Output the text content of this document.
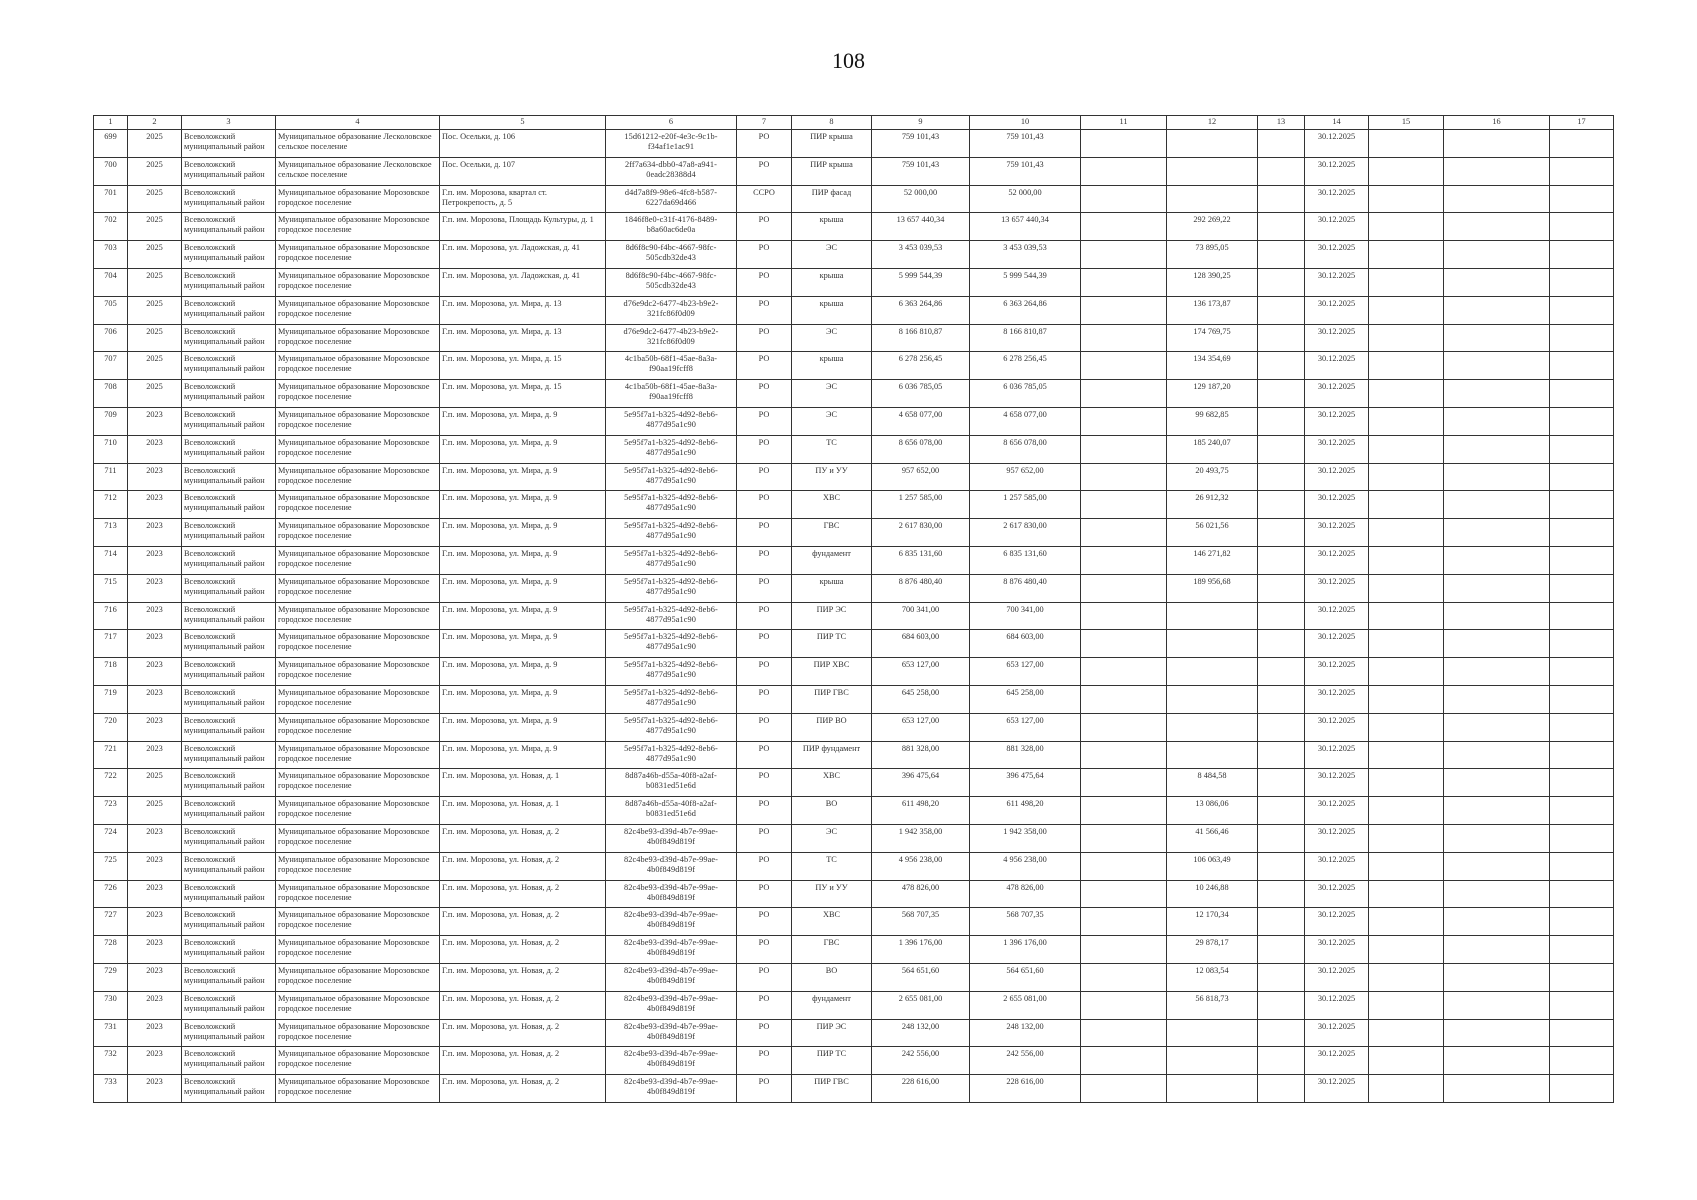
108
1	2	3	4	5	6	7	8	9	10	11	12	13	14	15	16	17
699	2025	Всеволожский муниципальный район	Муниципальное образование Лесколовское сельское поселение	Пос. Осельки, д. 106	15d61212-e20f-4e3c-9c1b-f34af1e1ac91	РО	ПИР крыша	759 101,43	759 101,43				30.12.2025			
700	2025	Всеволожский муниципальный район	Муниципальное образование Лесколовское сельское поселение	Пос. Осельки, д. 107	2ff7a634-dbb0-47a8-a941-0eadc28388d4	РО	ПИР крыша	759 101,43	759 101,43				30.12.2025			
701	2025	Всеволожский муниципальный район	Муниципальное образование Морозовское городское поселение	Г.п. им. Морозова, квартал ст. Петрокрепость, д. 5	d4d7a8f9-98e6-4fc8-b587-6227da69d466	ССРО	ПИР фасад	52 000,00	52 000,00				30.12.2025			
702	2025	Всеволожский муниципальный район	Муниципальное образование Морозовское городское поселение	Г.п. им. Морозова, Площадь Культуры, д. 1	1846f8e0-c31f-4176-8489-b8a60ac6de0a	РО	крыша	13 657 440,34	13 657 440,34		292 269,22		30.12.2025			
703	2025	Всеволожский муниципальный район	Муниципальное образование Морозовское городское поселение	Г.п. им. Морозова, ул. Ладожская, д. 41	8d6f8c90-f4bc-4667-98fc-505cdb32de43	РО	ЭС	3 453 039,53	3 453 039,53		73 895,05		30.12.2025			
704	2025	Всеволожский муниципальный район	Муниципальное образование Морозовское городское поселение	Г.п. им. Морозова, ул. Ладожская, д. 41	8d6f8c90-f4bc-4667-98fc-505cdb32de43	РО	крыша	5 999 544,39	5 999 544,39		128 390,25		30.12.2025			
705	2025	Всеволожский муниципальный район	Муниципальное образование Морозовское городское поселение	Г.п. им. Морозова, ул. Мира, д. 13	d76e9dc2-6477-4b23-b9e2-321fc86f0d09	РО	крыша	6 363 264,86	6 363 264,86		136 173,87		30.12.2025			
706	2025	Всеволожский муниципальный район	Муниципальное образование Морозовское городское поселение	Г.п. им. Морозова, ул. Мира, д. 13	d76e9dc2-6477-4b23-b9e2-321fc86f0d09	РО	ЭС	8 166 810,87	8 166 810,87		174 769,75		30.12.2025			
707	2025	Всеволожский муниципальный район	Муниципальное образование Морозовское городское поселение	Г.п. им. Морозова, ул. Мира, д. 15	4c1ba50b-68f1-45ae-8a3a-f90aa19fcff8	РО	крыша	6 278 256,45	6 278 256,45		134 354,69		30.12.2025			
708	2025	Всеволожский муниципальный район	Муниципальное образование Морозовское городское поселение	Г.п. им. Морозова, ул. Мира, д. 15	4c1ba50b-68f1-45ae-8a3a-f90aa19fcff8	РО	ЭС	6 036 785,05	6 036 785,05		129 187,20		30.12.2025			
709	2023	Всеволожский муниципальный район	Муниципальное образование Морозовское городское поселение	Г.п. им. Морозова, ул. Мира, д. 9	5e95f7a1-b325-4d92-8eb6-4877d95a1c90	РО	ЭС	4 658 077,00	4 658 077,00		99 682,85		30.12.2025			
710	2023	Всеволожский муниципальный район	Муниципальное образование Морозовское городское поселение	Г.п. им. Морозова, ул. Мира, д. 9	5e95f7a1-b325-4d92-8eb6-4877d95a1c90	РО	ТС	8 656 078,00	8 656 078,00		185 240,07		30.12.2025			
711	2023	Всеволожский муниципальный район	Муниципальное образование Морозовское городское поселение	Г.п. им. Морозова, ул. Мира, д. 9	5e95f7a1-b325-4d92-8eb6-4877d95a1c90	РО	ПУ и УУ	957 652,00	957 652,00		20 493,75		30.12.2025			
712	2023	Всеволожский муниципальный район	Муниципальное образование Морозовское городское поселение	Г.п. им. Морозова, ул. Мира, д. 9	5e95f7a1-b325-4d92-8eb6-4877d95a1c90	РО	ХВС	1 257 585,00	1 257 585,00		26 912,32		30.12.2025			
713	2023	Всеволожский муниципальный район	Муниципальное образование Морозовское городское поселение	Г.п. им. Морозова, ул. Мира, д. 9	5e95f7a1-b325-4d92-8eb6-4877d95a1c90	РО	ГВС	2 617 830,00	2 617 830,00		56 021,56		30.12.2025			
714	2023	Всеволожский муниципальный район	Муниципальное образование Морозовское городское поселение	Г.п. им. Морозова, ул. Мира, д. 9	5e95f7a1-b325-4d92-8eb6-4877d95a1c90	РО	фундамент	6 835 131,60	6 835 131,60		146 271,82		30.12.2025			
715	2023	Всеволожский муниципальный район	Муниципальное образование Морозовское городское поселение	Г.п. им. Морозова, ул. Мира, д. 9	5e95f7a1-b325-4d92-8eb6-4877d95a1c90	РО	крыша	8 876 480,40	8 876 480,40		189 956,68		30.12.2025			
716	2023	Всеволожский муниципальный район	Муниципальное образование Морозовское городское поселение	Г.п. им. Морозова, ул. Мира, д. 9	5e95f7a1-b325-4d92-8eb6-4877d95a1c90	РО	ПИР ЭС	700 341,00	700 341,00				30.12.2025			
717	2023	Всеволожский муниципальный район	Муниципальное образование Морозовское городское поселение	Г.п. им. Морозова, ул. Мира, д. 9	5e95f7a1-b325-4d92-8eb6-4877d95a1c90	РО	ПИР ТС	684 603,00	684 603,00				30.12.2025			
718	2023	Всеволожский муниципальный район	Муниципальное образование Морозовское городское поселение	Г.п. им. Морозова, ул. Мира, д. 9	5e95f7a1-b325-4d92-8eb6-4877d95a1c90	РО	ПИР ХВС	653 127,00	653 127,00				30.12.2025			
719	2023	Всеволожский муниципальный район	Муниципальное образование Морозовское городское поселение	Г.п. им. Морозова, ул. Мира, д. 9	5e95f7a1-b325-4d92-8eb6-4877d95a1c90	РО	ПИР ГВС	645 258,00	645 258,00				30.12.2025			
720	2023	Всеволожский муниципальный район	Муниципальное образование Морозовское городское поселение	Г.п. им. Морозова, ул. Мира, д. 9	5e95f7a1-b325-4d92-8eb6-4877d95a1c90	РО	ПИР ВО	653 127,00	653 127,00				30.12.2025			
721	2023	Всеволожский муниципальный район	Муниципальное образование Морозовское городское поселение	Г.п. им. Морозова, ул. Мира, д. 9	5e95f7a1-b325-4d92-8eb6-4877d95a1c90	РО	ПИР фундамент	881 328,00	881 328,00				30.12.2025			
722	2025	Всеволожский муниципальный район	Муниципальное образование Морозовское городское поселение	Г.п. им. Морозова, ул. Новая, д. 1	8d87a46b-d55a-40f8-a2af-b0831ed51e6d	РО	ХВС	396 475,64	396 475,64		8 484,58		30.12.2025			
723	2025	Всеволожский муниципальный район	Муниципальное образование Морозовское городское поселение	Г.п. им. Морозова, ул. Новая, д. 1	8d87a46b-d55a-40f8-a2af-b0831ed51e6d	РО	ВО	611 498,20	611 498,20		13 086,06		30.12.2025			
724	2023	Всеволожский муниципальный район	Муниципальное образование Морозовское городское поселение	Г.п. им. Морозова, ул. Новая, д. 2	82c4be93-d39d-4b7e-99ae-4b0f849d819f	РО	ЭС	1 942 358,00	1 942 358,00		41 566,46		30.12.2025			
725	2023	Всеволожский муниципальный район	Муниципальное образование Морозовское городское поселение	Г.п. им. Морозова, ул. Новая, д. 2	82c4be93-d39d-4b7e-99ae-4b0f849d819f	РО	ТС	4 956 238,00	4 956 238,00		106 063,49		30.12.2025			
726	2023	Всеволожский муниципальный район	Муниципальное образование Морозовское городское поселение	Г.п. им. Морозова, ул. Новая, д. 2	82c4be93-d39d-4b7e-99ae-4b0f849d819f	РО	ПУ и УУ	478 826,00	478 826,00		10 246,88		30.12.2025			
727	2023	Всеволожский муниципальный район	Муниципальное образование Морозовское городское поселение	Г.п. им. Морозова, ул. Новая, д. 2	82c4be93-d39d-4b7e-99ae-4b0f849d819f	РО	ХВС	568 707,35	568 707,35		12 170,34		30.12.2025			
728	2023	Всеволожский муниципальный район	Муниципальное образование Морозовское городское поселение	Г.п. им. Морозова, ул. Новая, д. 2	82c4be93-d39d-4b7e-99ae-4b0f849d819f	РО	ГВС	1 396 176,00	1 396 176,00		29 878,17		30.12.2025			
729	2023	Всеволожский муниципальный район	Муниципальное образование Морозовское городское поселение	Г.п. им. Морозова, ул. Новая, д. 2	82c4be93-d39d-4b7e-99ae-4b0f849d819f	РО	ВО	564 651,60	564 651,60		12 083,54		30.12.2025			
730	2023	Всеволожский муниципальный район	Муниципальное образование Морозовское городское поселение	Г.п. им. Морозова, ул. Новая, д. 2	82c4be93-d39d-4b7e-99ae-4b0f849d819f	РО	фундамент	2 655 081,00	2 655 081,00		56 818,73		30.12.2025			
731	2023	Всеволожский муниципальный район	Муниципальное образование Морозовское городское поселение	Г.п. им. Морозова, ул. Новая, д. 2	82c4be93-d39d-4b7e-99ae-4b0f849d819f	РО	ПИР ЭС	248 132,00	248 132,00				30.12.2025			
732	2023	Всеволожский муниципальный район	Муниципальное образование Морозовское городское поселение	Г.п. им. Морозова, ул. Новая, д. 2	82c4be93-d39d-4b7e-99ae-4b0f849d819f	РО	ПИР ТС	242 556,00	242 556,00				30.12.2025			
733	2023	Всеволожский муниципальный район	Муниципальное образование Морозовское городское поселение	Г.п. им. Морозова, ул. Новая, д. 2	82c4be93-d39d-4b7e-99ae-4b0f849d819f	РО	ПИР ГВС	228 616,00	228 616,00				30.12.2025			
